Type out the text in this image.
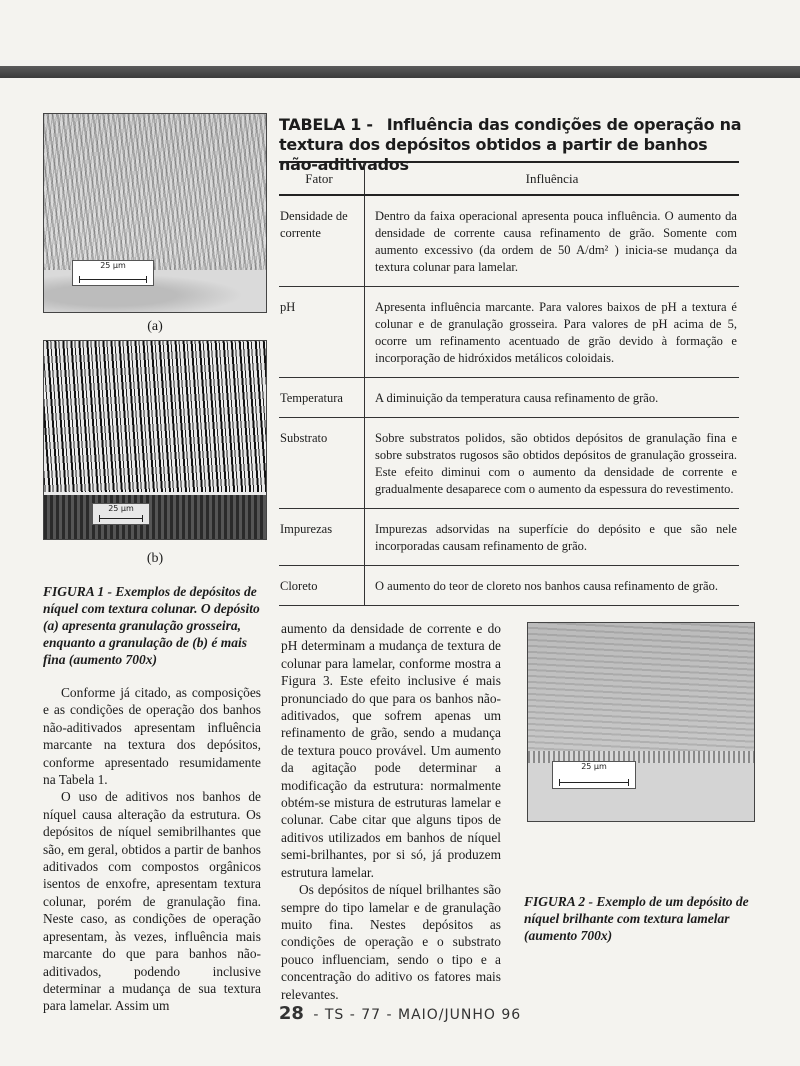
25 µm
(a)
25 µm
(b)

FIGURA 1 - Exemplos de depósitos de níquel com textura colunar. O depósito (a) apresenta granulação grosseira, enquanto a granulação de (b) é mais fina (aumento 700x)

Conforme já citado, as composições e as condições de operação dos banhos não-aditivados apresentam influência marcante na textura dos depósitos, conforme apresentado resumidamente na Tabela 1.

O uso de aditivos nos banhos de níquel causa alteração da estrutura. Os depósitos de níquel semibrilhantes que são, em geral, obtidos a partir de banhos aditivados com compostos orgânicos isentos de enxofre, apresentam textura colunar, porém de granulação fina. Neste caso, as condições de operação apresentam, às vezes, influência mais marcante do que para banhos não-aditivados, podendo inclusive determinar a mudança de sua textura para lamelar. Assim um

TABELA 1 - Influência das condições de operação na textura dos depósitos obtidos a partir de banhos não-aditivados
Fator	Influência
Densidade de corrente	Dentro da faixa operacional apresenta pouca influência. O aumento da densidade de corrente causa refinamento de grão. Somente com aumento excessivo (da ordem de 50 A/dm² ) inicia-se mudança da textura colunar para lamelar.
pH	Apresenta influência marcante. Para valores baixos de pH a textura é colunar e de granulação grosseira. Para valores de pH acima de 5, ocorre um refinamento acentuado de grão devido à formação e incorporação de hidróxidos metálicos coloidais.
Temperatura	A diminuição da temperatura causa refinamento de grão.
Substrato	Sobre substratos polidos, são obtidos depósitos de granulação fina e sobre substratos rugosos são obtidos depósitos de granulação grosseira. Este efeito diminui com o aumento da densidade de corrente e gradualmente desaparece com o aumento da espessura do revestimento.
Impurezas	Impurezas adsorvidas na superfície do depósito e que são nele incorporadas causam refinamento de grão.
Cloreto	O aumento do teor de cloreto nos banhos causa refinamento de grão.

aumento da densidade de corrente e do pH determinam a mudança de textura de colunar para lamelar, conforme mostra a Figura 3. Este efeito inclusive é mais pronunciado do que para os banhos não-aditivados, que sofrem apenas um refinamento de grão, sendo a mudança de textura pouco provável. Um aumento da agitação pode determinar a modificação da estrutura: normalmente obtém-se mistura de estruturas lamelar e colunar. Cabe citar que alguns tipos de aditivos utilizados em banhos de níquel semi-brilhantes, por si só, já produzem estrutura lamelar.

Os depósitos de níquel brilhantes são sempre do tipo lamelar e de granulação muito fina. Nestes depósitos as condições de operação e o substrato pouco influenciam, sendo o tipo e a concentração do aditivo os fatores mais relevantes.

25 µm

FIGURA 2 - Exemplo de um depósito de níquel brilhante com textura lamelar (aumento 700x)

28 - TS - 77 - MAIO/JUNHO 96
